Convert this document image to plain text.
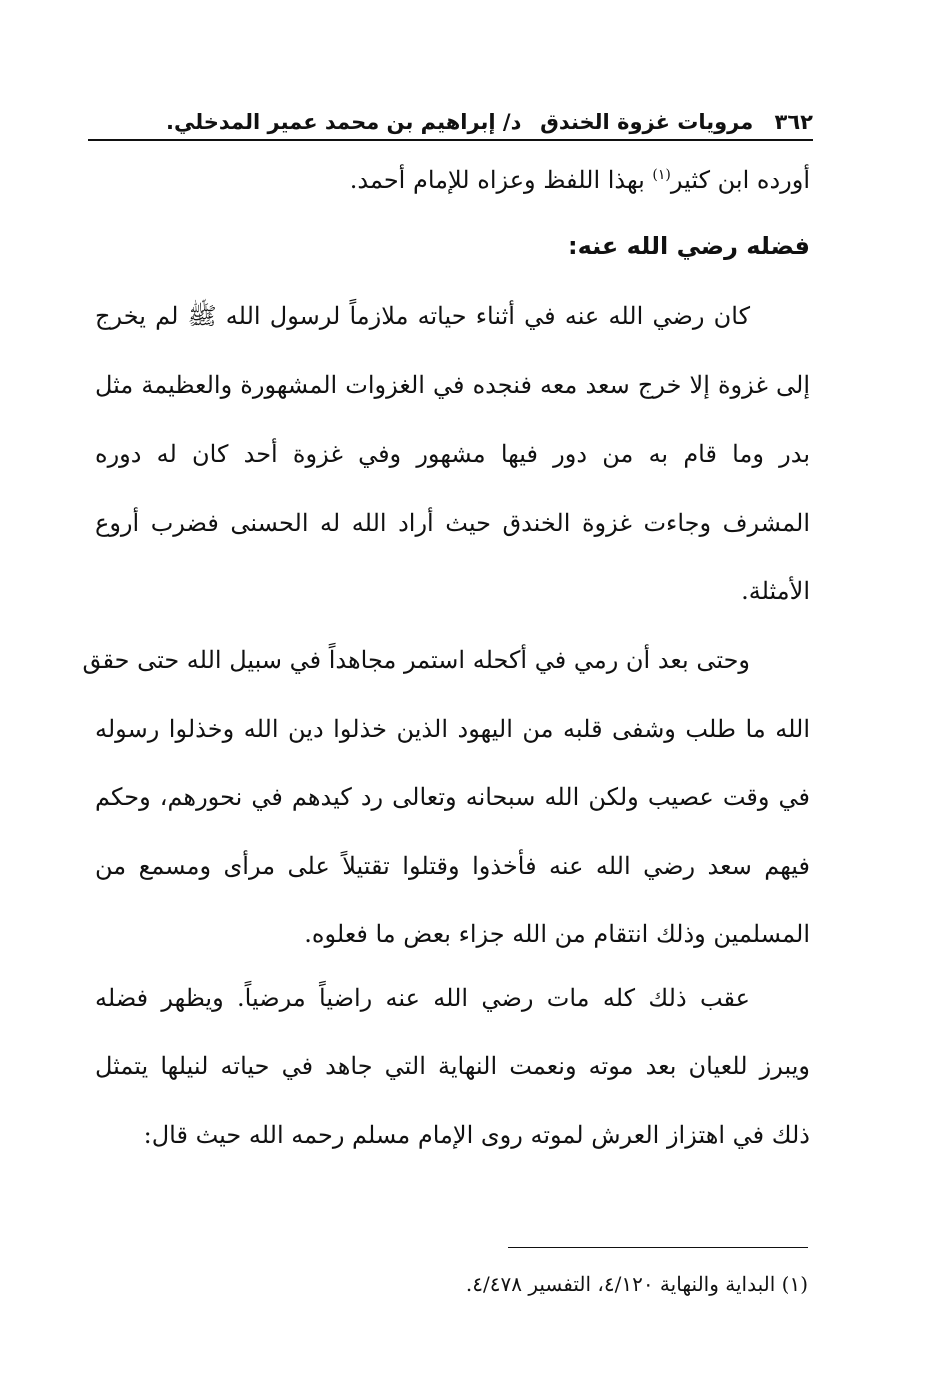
٣٦٢ مرويات غزوة الخندق
د/ إبراهيم بن محمد عمير المدخلي.
أورده ابن كثير$^{(١)}$ بهذا اللفظ وعزاه للإمام أحمد.
فضله رضي الله عنه:
كان رضي الله عنه في أثناء حياته ملازماً لرسول الله ﷺ لم يخرج
إلى غزوة إلا خرج سعد معه فنجده في الغزوات المشهورة والعظيمة مثل
بدر وما قام به من دور فيها مشهور وفي غزوة أحد كان له دوره
المشرف وجاءت غزوة الخندق حيث أراد الله له الحسنى فضرب أروع
الأمثلة.
وحتى بعد أن رمي في أكحله استمر مجاهداً في سبيل الله حتى حقق
الله ما طلب وشفى قلبه من اليهود الذين خذلوا دين الله وخذلوا رسوله
في وقت عصيب ولكن الله سبحانه وتعالى رد كيدهم في نحورهم، وحكم
فيهم سعد رضي الله عنه فأخذوا وقتلوا تقتيلاً على مرأى ومسمع من
المسلمين وذلك انتقام من الله جزاء بعض ما فعلوه.
عقب ذلك كله مات رضي الله عنه راضياً مرضياً. ويظهر فضله
ويبرز للعيان بعد موته ونعمت النهاية التي جاهد في حياته لنيلها يتمثل
ذلك في اهتزاز العرش لموته روى الإمام مسلم رحمه الله حيث قال:
(١) البداية والنهاية ٤/١٢٠، التفسير ٤/٤٧٨.
